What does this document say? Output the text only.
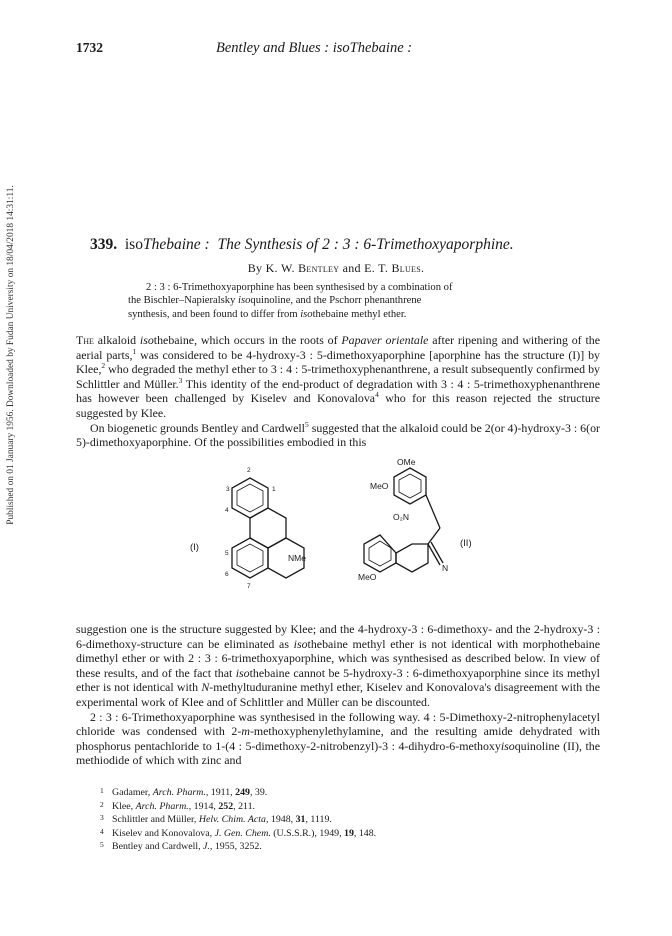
Published on 01 January 1956. Downloaded by Fudan University on 18/04/2018 14:31:11.
1732	Bentley and Blues : isoThebaine :
339. isoThebaine : The Synthesis of 2 : 3 : 6-Trimethoxyaporphine.
By K. W. Bentley and E. T. Blues.

2 : 3 : 6-Trimethoxyaporphine has been synthesised by a combination of

the Bischler–Napieralsky isoquinoline, and the Pschorr phenanthrene

synthesis, and been found to differ from isothebaine methyl ether.

The alkaloid isothebaine, which occurs in the roots of Papaver orientale after ripening and withering of the aerial parts,$^1$ was considered to be 4-hydroxy-3 : 5-dimethoxyaporphine [aporphine has the structure (I)] by Klee,$^2$ who degraded the methyl ether to 3 : 4 : 5-trimethoxyphenanthrene, a result subsequently confirmed by Schlittler and Müller.$^3$ This identity of the end-product of degradation with 3 : 4 : 5-trimethoxyphenanthrene has however been challenged by Kiselev and Konovalova$^4$ who for this reason rejected the structure suggested by Klee.

On biogenetic grounds Bentley and Cardwell$^5$ suggested that the alkaloid could be 2(or 4)-hydroxy-3 : 6(or 5)-dimethoxyaporphine. Of the possibilities embodied in this

(I)
2
3	1
4
5
6
7
NMe
OMe
MeO
O₂N
(II)
N
MeO

suggestion one is the structure suggested by Klee; and the 4-hydroxy-3 : 6-dimethoxy- and the 2-hydroxy-3 : 6-dimethoxy-structure can be eliminated as isothebaine methyl ether is not identical with morphothebaine dimethyl ether or with 2 : 3 : 6-trimethoxyaporphine, which was synthesised as described below. In view of these results, and of the fact that isothebaine cannot be 5-hydroxy-3 : 6-dimethoxyaporphine since its methyl ether is not identical with N-methyltuduranine methyl ether, Kiselev and Konovalova's disagreement with the experimental work of Klee and of Schlittler and Müller can be discounted.

2 : 3 : 6-Trimethoxyaporphine was synthesised in the following way. 4 : 5-Dimethoxy-2-nitrophenylacetyl chloride was condensed with 2-m-methoxyphenylethylamine, and the resulting amide dehydrated with phosphorus pentachloride to 1-(4 : 5-dimethoxy-2-nitrobenzyl)-3 : 4-dihydro-6-methoxyisoquinoline (II), the methiodide of which with zinc and

1 Gadamer, Arch. Pharm., 1911, 249, 39.
2 Klee, Arch. Pharm., 1914, 252, 211.
3 Schlittler and Müller, Helv. Chim. Acta, 1948, 31, 1119.
4 Kiselev and Konovalova, J. Gen. Chem. (U.S.S.R.), 1949, 19, 148.
5 Bentley and Cardwell, J., 1955, 3252.
